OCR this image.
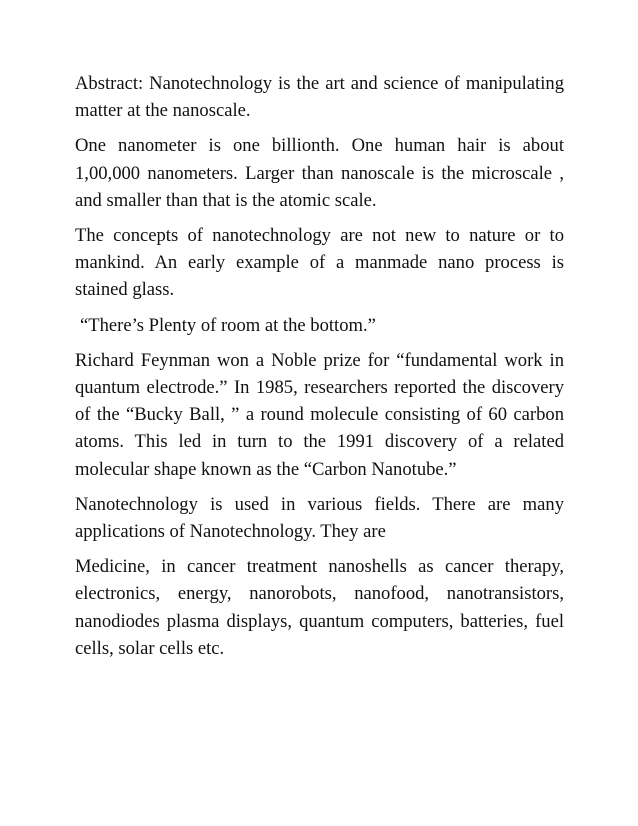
Abstract: Nanotechnology is the art and science of manipulating matter at the nanoscale.

One nanometer is one billionth. One human hair is about 1,00,000 nanometers. Larger than nanoscale is the microscale , and smaller than that is the atomic scale.

The concepts of nanotechnology are not new to nature or to mankind. An early example of a manmade nano process is stained glass.

“There’s Plenty of room at the bottom.”

Richard Feynman won a Noble prize for “fundamental work in quantum electrode.” In 1985, researchers reported the discovery of the “Bucky Ball, ” a round molecule consisting of 60 carbon atoms. This led in turn to the 1991 discovery of a related molecular shape known as the “Carbon Nanotube.”

Nanotechnology is used in various fields. There are many applications of Nanotechnology. They are

Medicine, in cancer treatment nanoshells as cancer therapy, electronics, energy, nanorobots, nanofood, nanotransistors, nanodiodes plasma displays, quantum computers, batteries, fuel cells, solar cells etc.
